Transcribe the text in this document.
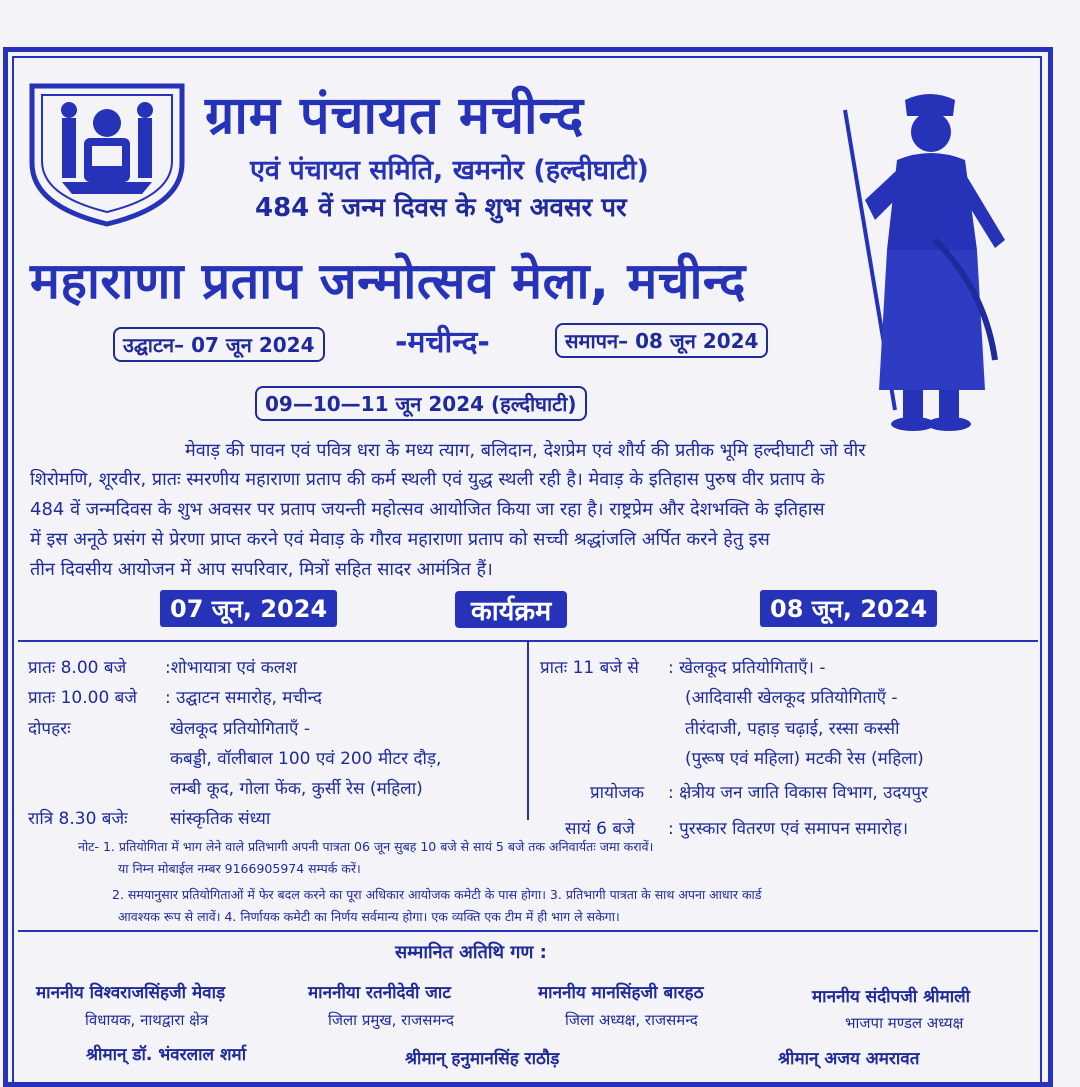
ग्राम पंचायत मचीन्द
एवं पंचायत समिति, खमनोर (हल्दीघाटी)
484 वें जन्म दिवस के शुभ अवसर पर
महाराणा प्रताप जन्मोत्सव मेला, मचीन्द
उद्घाटन– 07 जून 2024	-मचीन्द-	समापन– 08 जून 2024
09—10—11 जून 2024 (हल्दीघाटी)
मेवाड़ की पावन एवं पवित्र धरा के मध्य त्याग, बलिदान, देशप्रेम एवं शौर्य की प्रतीक भूमि हल्दीघाटी जो वीर
शिरोमणि, शूरवीर, प्रातः स्मरणीय महाराणा प्रताप की कर्म स्थली एवं युद्ध स्थली रही है। मेवाड़ के इतिहास पुरुष वीर प्रताप के
484 वें जन्मदिवस के शुभ अवसर पर प्रताप जयन्ती महोत्सव आयोजित किया जा रहा है। राष्ट्रप्रेम और देशभक्ति के इतिहास
में इस अनूठे प्रसंग से प्रेरणा प्राप्त करने एवं मेवाड़ के गौरव महाराणा प्रताप को सच्ची श्रद्धांजलि अर्पित करने हेतु इस
तीन दिवसीय आयोजन में आप सपरिवार, मित्रों सहित सादर आमंत्रित हैं।
07 जून, 2024	कार्यक्रम	08 जून, 2024
प्रातः 8.00 बजे :शोभायात्रा एवं कलश
प्रातः 10.00 बजे : उद्घाटन समारोह, मचीन्द
दोपहरः	खेलकूद प्रतियोगिताएँ -
कबड्डी, वॉलीबाल 100 एवं 200 मीटर दौड़,
लम्बी कूद, गोला फेंक, कुर्सी रेस (महिला)
रात्रि 8.30 बजेः सांस्कृतिक संध्या
प्रातः 11 बजे से : खेलकूद प्रतियोगिताएँ। -
(आदिवासी खेलकूद प्रतियोगिताएँ -
तीरंदाजी, पहाड़ चढ़ाई, रस्सा कस्सी
(पुरूष एवं महिला) मटकी रेस (महिला)
प्रायोजक : क्षेत्रीय जन जाति विकास विभाग, उदयपुर
सायं 6 बजे : पुरस्कार वितरण एवं समापन समारोह।
नोट- 1. प्रतियोगिता में भाग लेने वाले प्रतिभागी अपनी पात्रता 06 जून सुबह 10 बजे से सायं 5 बजे तक अनिवार्यतः जमा करावें।
या निम्न मोबाईल नम्बर 9166905974 सम्पर्क करें।
2. समयानुसार प्रतियोगिताओं में फेर बदल करने का पूरा अधिकार आयोजक कमेटी के पास होगा। 3. प्रतिभागी पात्रता के साथ अपना आधार कार्ड
आवश्यक रूप से लावें। 4. निर्णायक कमेटी का निर्णय सर्वमान्य होगा। एक व्यक्ति एक टीम में ही भाग ले सकेगा।
सम्मानित अतिथि गण :
माननीय विश्वराजसिंहजी मेवाड़
विधायक, नाथद्वारा क्षेत्र
माननीया रतनीदेवी जाट
जिला प्रमुख, राजसमन्द
माननीय मानसिंहजी बारहठ
जिला अध्यक्ष, राजसमन्द
माननीय संदीपजी श्रीमाली
भाजपा मण्डल अध्यक्ष
श्रीमान् डॉ. भंवरलाल शर्मा	श्रीमान् हनुमानसिंह राठौड़	श्रीमान् अजय अमरावत
